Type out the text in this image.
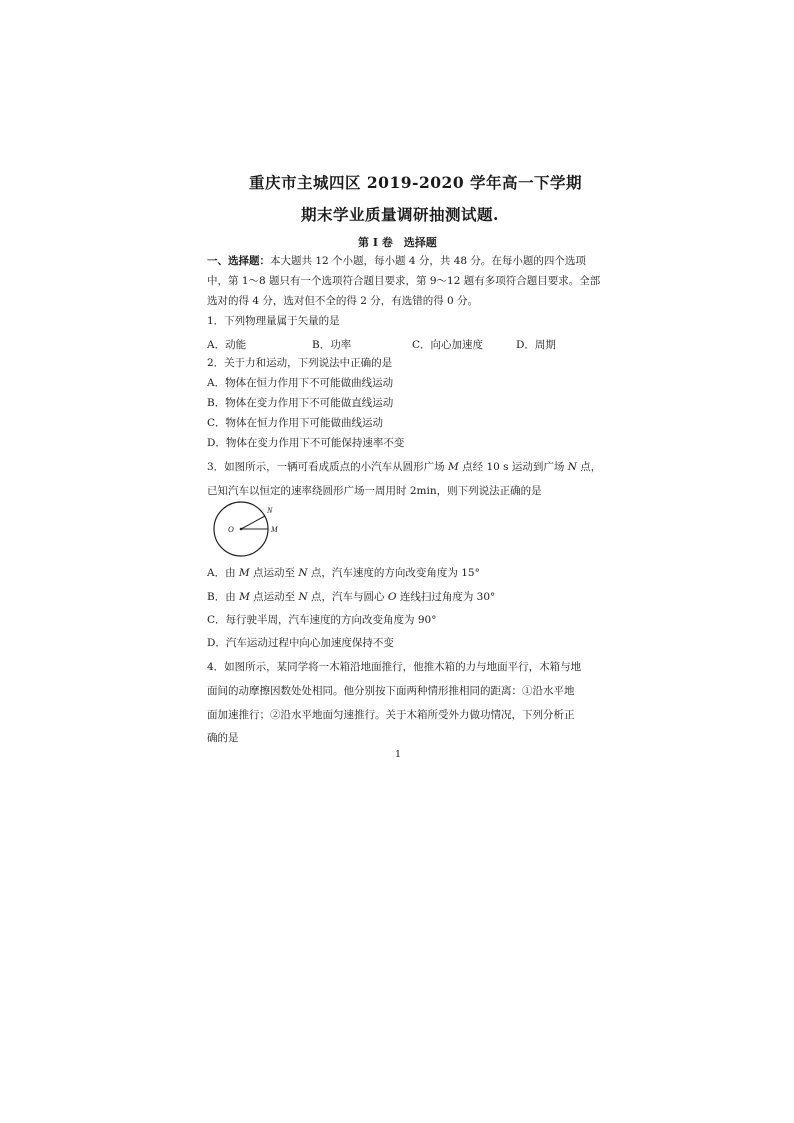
重庆市主城四区 2019-2020 学年高一下学期
期末学业质量调研抽测试题.
第 I 卷　选择题
一、选择题：本大题共 12 个小题，每小题 4 分，共 48 分。在每小题的四个选项
中，第 1～8 题只有一个选项符合题目要求，第 9～12 题有多项符合题目要求。全部
选对的得 4 分，选对但不全的得 2 分，有选错的得 0 分。
1．下列物理量属于矢量的是
A．动能	B．功率	C．向心加速度	D．周期
2．关于力和运动，下列说法中正确的是
A．物体在恒力作用下不可能做曲线运动
B．物体在变力作用下不可能做直线运动
C．物体在恒力作用下可能做曲线运动
D．物体在变力作用下不可能保持速率不变
3．如图所示，一辆可看成质点的小汽车从圆形广场 M 点经 10 s 运动到广场 N 点，
已知汽车以恒定的速率绕圆形广场一周用时 2min，则下列说法正确的是
O
N
M
A．由 M 点运动至 N 点，汽车速度的方向改变角度为 15°
B．由 M 点运动至 N 点，汽车与圆心 O 连线扫过角度为 30°
C．每行驶半周，汽车速度的方向改变角度为 90°
D．汽车运动过程中向心加速度保持不变
4．如图所示，某同学将一木箱沿地面推行，他推木箱的力与地面平行，木箱与地
面间的动摩擦因数处处相同。他分别按下面两种情形推相同的距离：①沿水平地
面加速推行；②沿水平地面匀速推行。关于木箱所受外力做功情况，下列分析正
确的是
1
